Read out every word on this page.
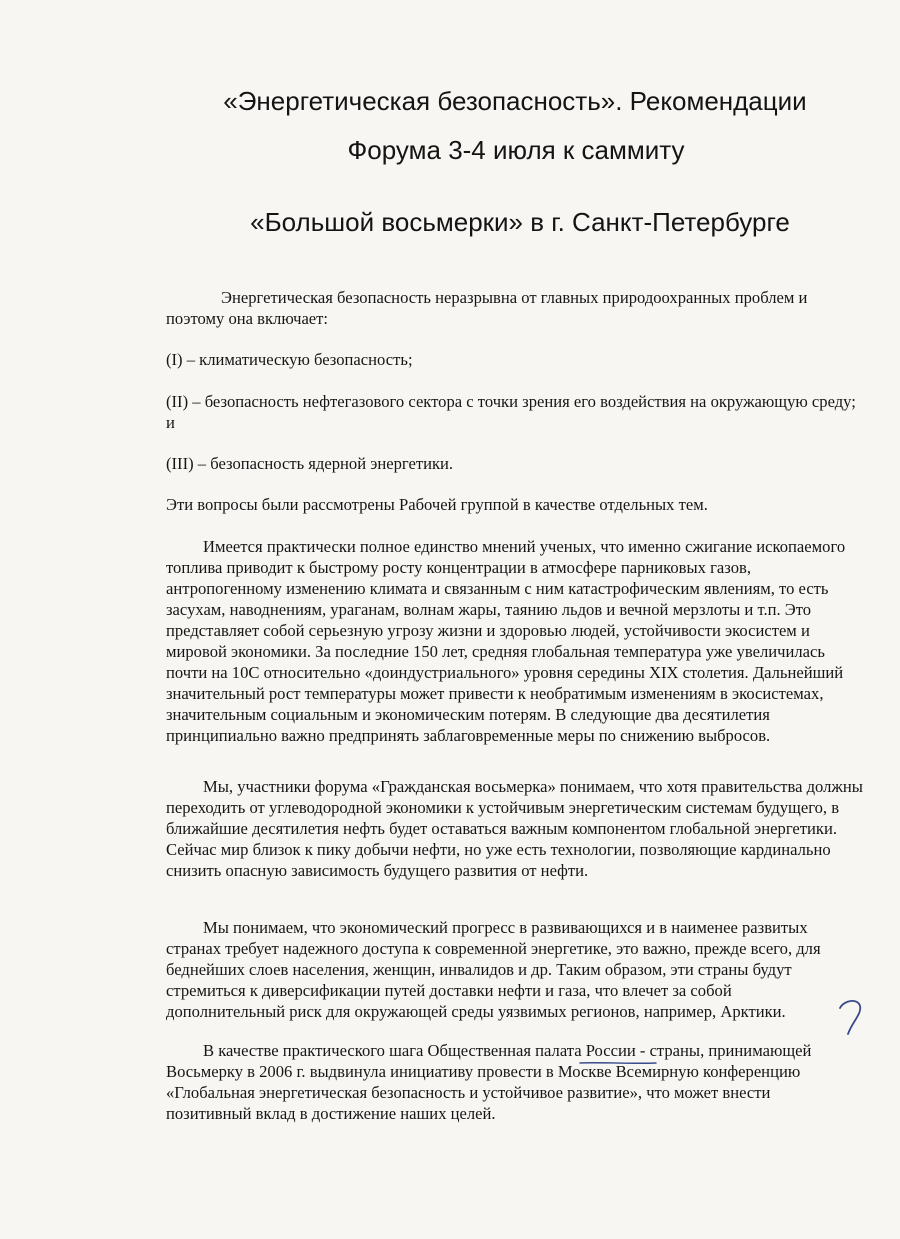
«Энергетическая безопасность». Рекомендации
Форума 3-4 июля к саммиту
«Большой восьмерки» в г. Санкт-Петербурге
Энергетическая безопасность неразрывна от главных природоохранных проблем и поэтому она включает:
(I) – климатическую безопасность;
(II) – безопасность нефтегазового сектора с точки зрения его воздействия на окружающую среду; и
(III) – безопасность ядерной энергетики.
Эти вопросы были рассмотрены Рабочей группой в качестве отдельных тем.
Имеется практически полное единство мнений ученых, что именно сжигание ископаемого топлива приводит к быстрому росту концентрации в атмосфере парниковых газов, антропогенному изменению климата и связанным с ним катастрофическим явлениям, то есть засухам, наводнениям, ураганам, волнам жары, таянию льдов и вечной мерзлоты и т.п. Это представляет собой серьезную угрозу жизни и здоровью людей, устойчивости экосистем и мировой экономики. За последние 150 лет, средняя глобальная температура уже увеличилась почти на 10С относительно «доиндустриального» уровня середины XIX столетия. Дальнейший значительный рост температуры может привести к необратимым изменениям в экосистемах, значительным социальным и экономическим потерям. В следующие два десятилетия принципиально важно предпринять заблаговременные меры по снижению выбросов.
Мы, участники форума «Гражданская восьмерка» понимаем, что хотя правительства должны переходить от углеводородной экономики к устойчивым энергетическим системам будущего, в ближайшие десятилетия нефть будет оставаться важным компонентом глобальной энергетики. Сейчас мир близок к пику добычи нефти, но уже есть технологии, позволяющие кардинально снизить опасную зависимость будущего развития от нефти.
Мы понимаем, что экономический прогресс в развивающихся и в наименее развитых странах требует надежного доступа к современной энергетике, это важно, прежде всего, для беднейших слоев населения, женщин, инвалидов и др. Таким образом, эти страны будут стремиться к диверсификации путей доставки нефти и газа, что влечет за собой дополнительный риск для окружающей среды уязвимых регионов, например, Арктики.
В качестве практического шага Общественная палата России - страны, принимающей Восьмерку в 2006 г. выдвинула инициативу провести в Москве Всемирную конференцию «Глобальная энергетическая безопасность и устойчивое развитие», что может внести позитивный вклад в достижение наших целей.
